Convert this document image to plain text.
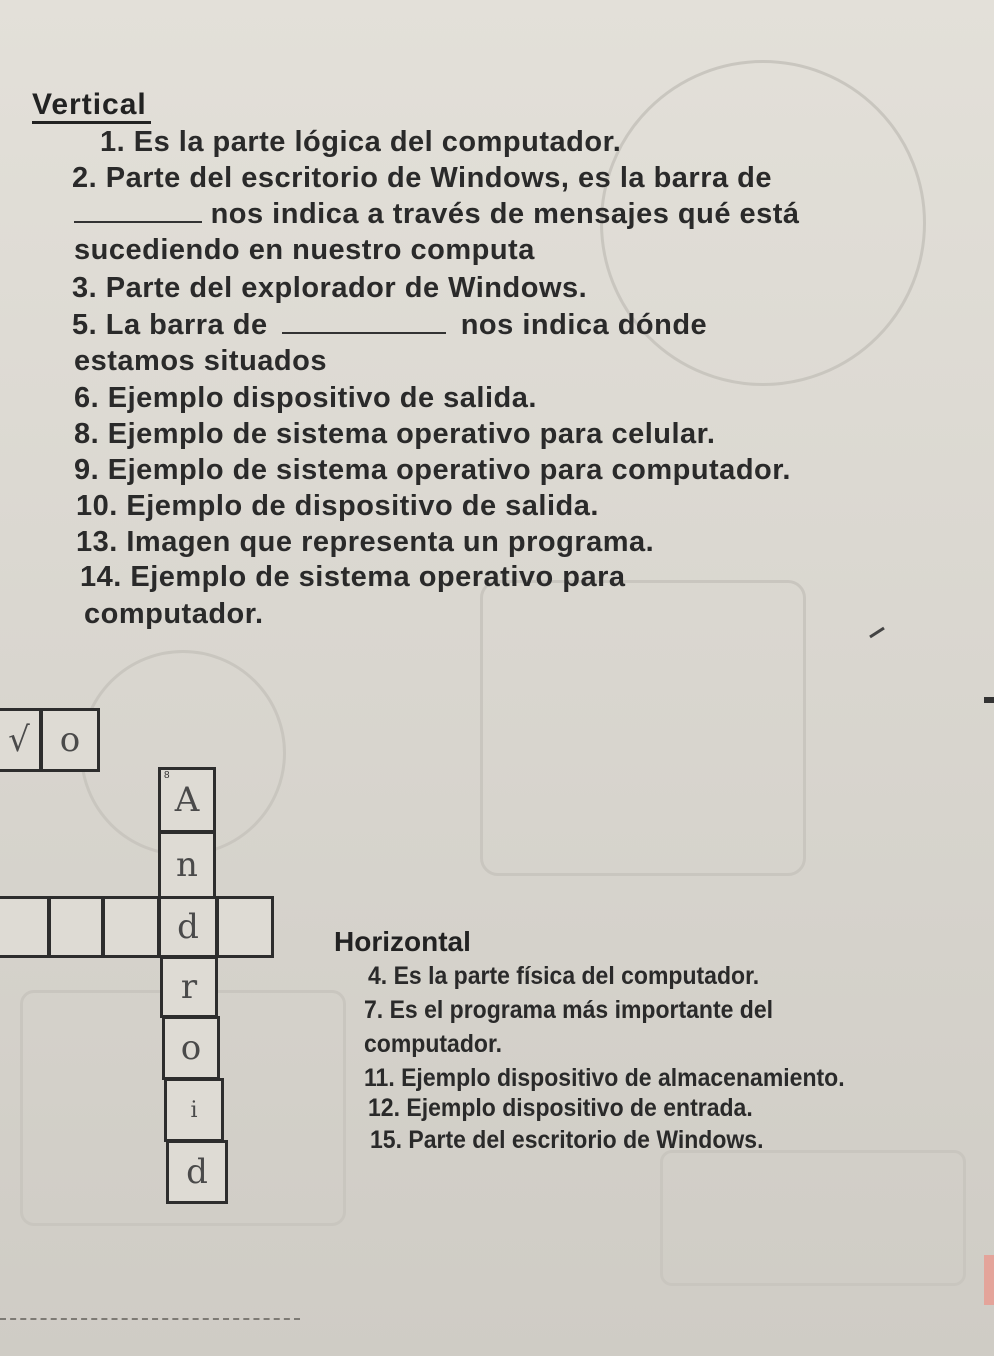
Vertical
1. Es la parte lógica del computador.
2. Parte del escritorio de Windows, es la barra de
nos indica a través de mensajes qué está
sucediendo en nuestro computa
3. Parte del explorador de Windows.
5. La barra de	nos indica dónde
estamos situados
6. Ejemplo dispositivo de salida.
8. Ejemplo de sistema operativo para celular.
9. Ejemplo de sistema operativo para computador.
10. Ejemplo de dispositivo de salida.
13. Imagen que representa un programa.
14. Ejemplo de sistema operativo para
computador.
√ o
8
A
n
d
r
o
i
d
Horizontal
4. Es la parte física del computador.
7. Es el programa más importante del
computador.
11. Ejemplo dispositivo de almacenamiento.
12. Ejemplo dispositivo de entrada.
15. Parte del escritorio de Windows.
